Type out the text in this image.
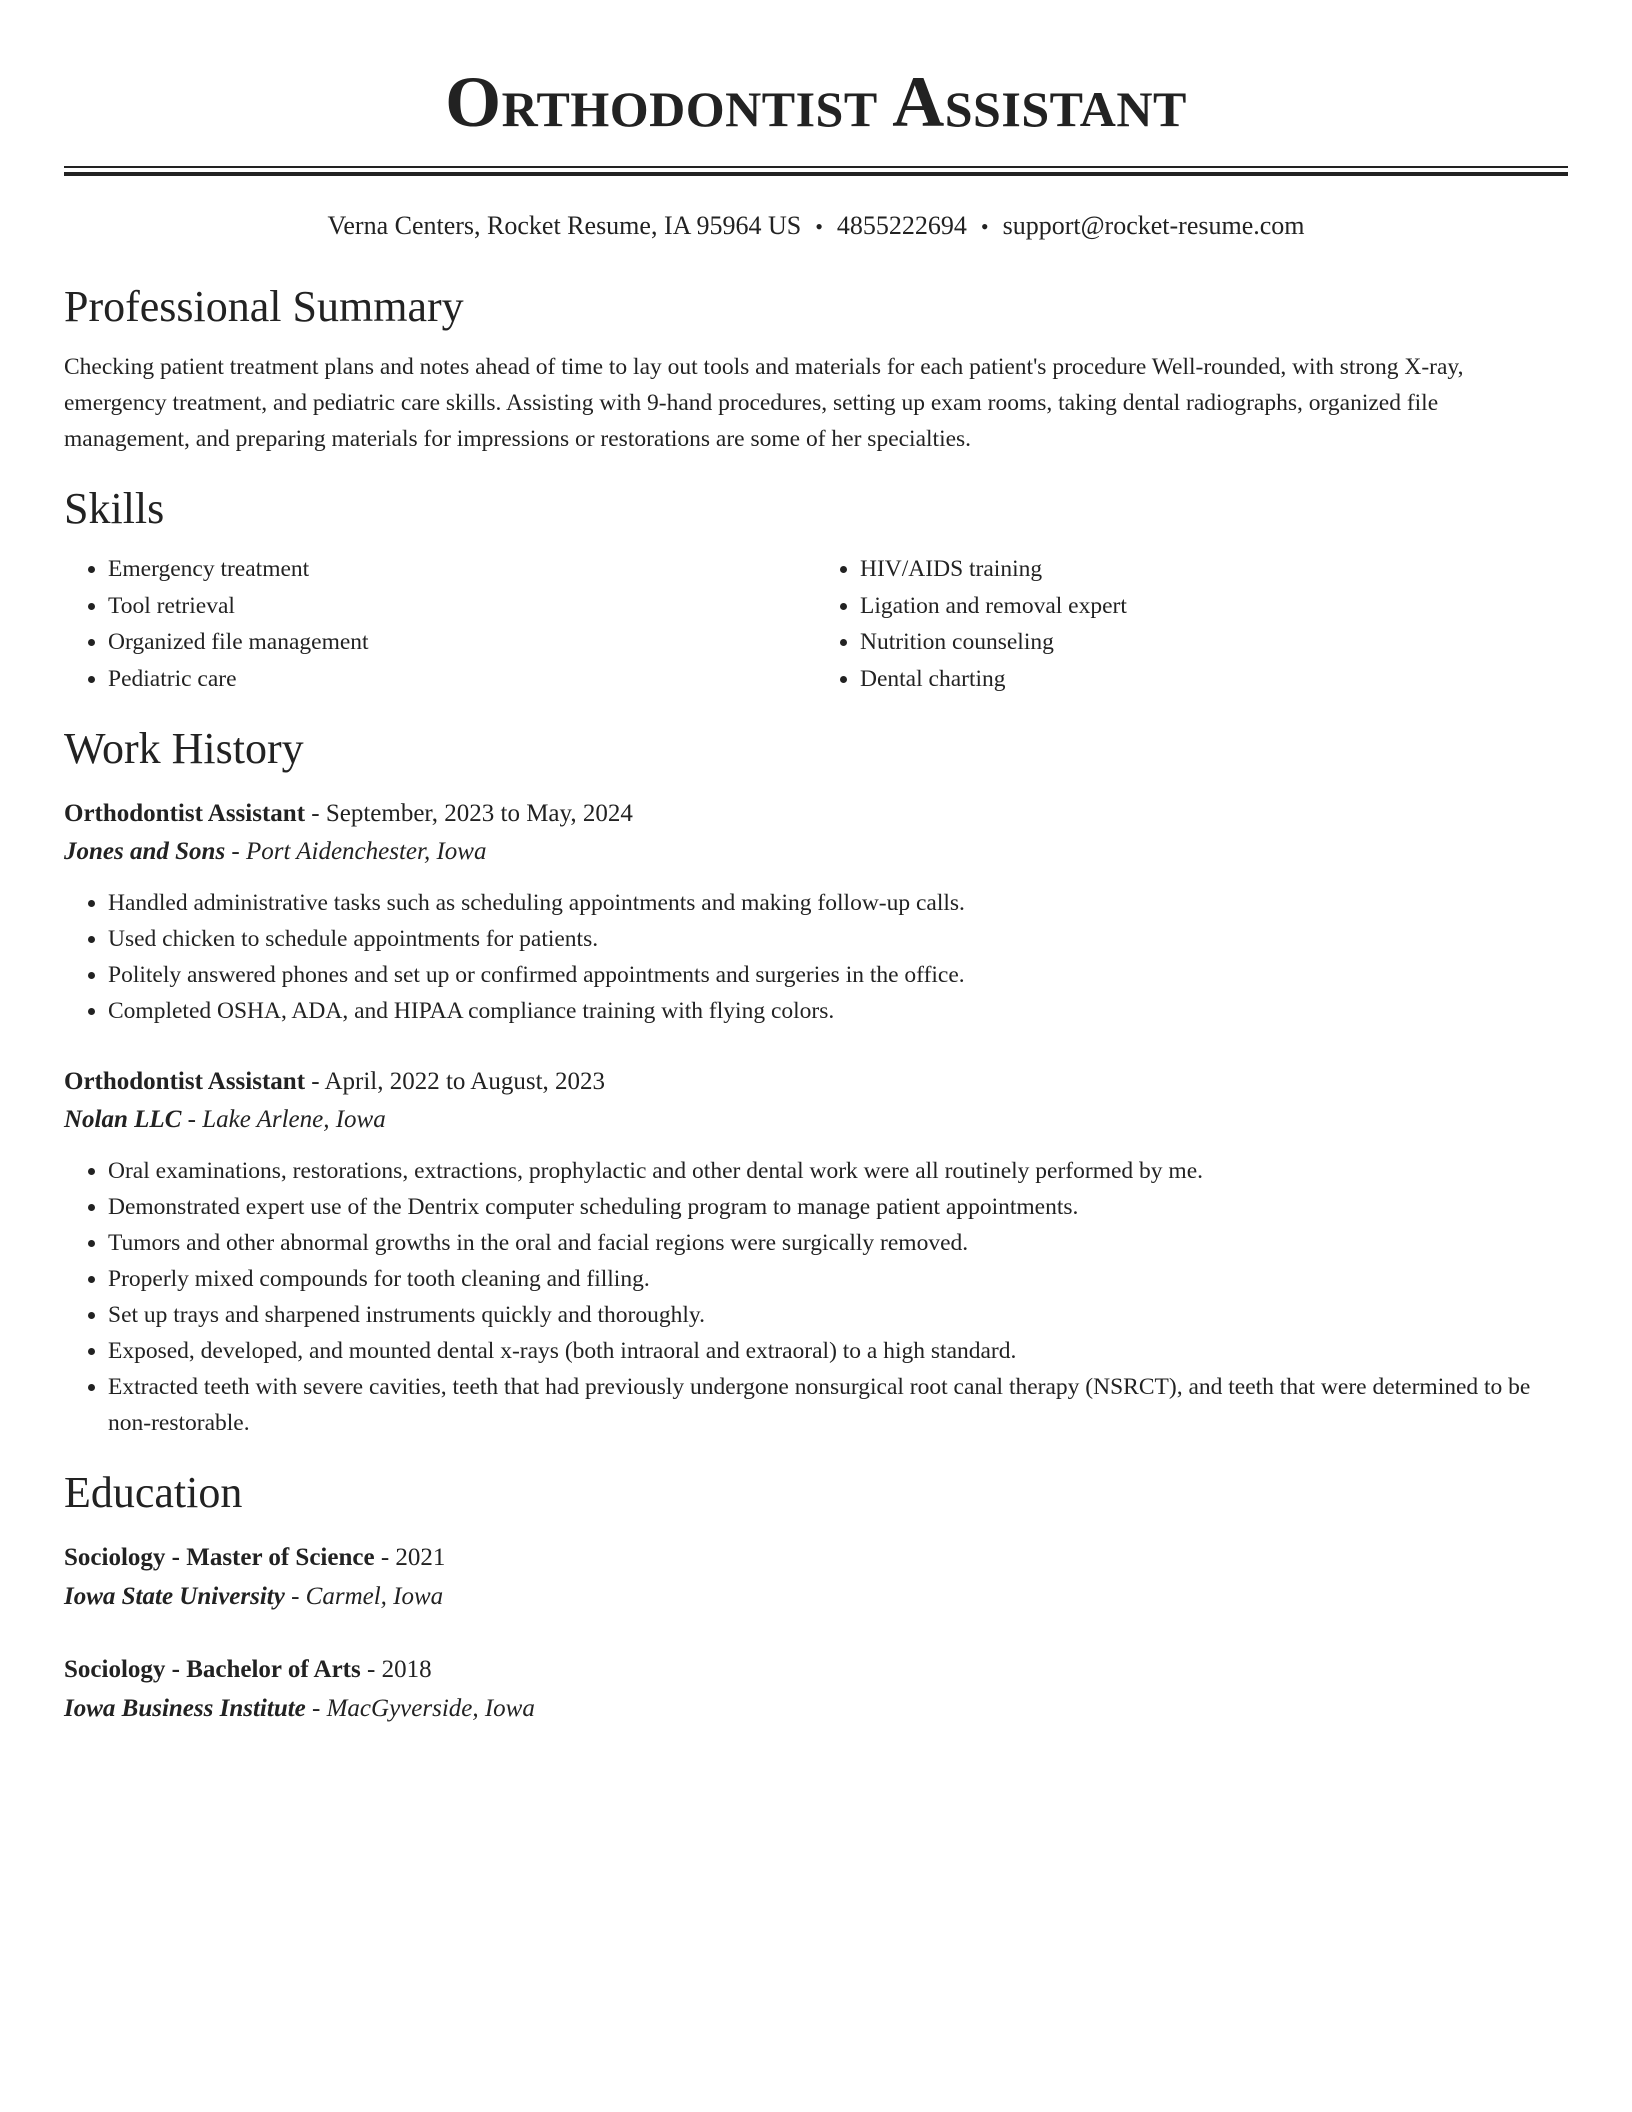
Orthodontist Assistant
Verna Centers, Rocket Resume, IA 95964 US • 4855222694 • support@rocket-resume.com
Professional Summary
Checking patient treatment plans and notes ahead of time to lay out tools and materials for each patient's procedure Well-rounded, with strong X-ray, emergency treatment, and pediatric care skills. Assisting with 9-hand procedures, setting up exam rooms, taking dental radiographs, organized file management, and preparing materials for impressions or restorations are some of her specialties.
Skills
• Emergency treatment
• Tool retrieval
• Organized file management
• Pediatric care
• HIV/AIDS training
• Ligation and removal expert
• Nutrition counseling
• Dental charting
Work History
Orthodontist Assistant - September, 2023 to May, 2024
Jones and Sons - Port Aidenchester, Iowa
• Handled administrative tasks such as scheduling appointments and making follow-up calls.
• Used chicken to schedule appointments for patients.
• Politely answered phones and set up or confirmed appointments and surgeries in the office.
• Completed OSHA, ADA, and HIPAA compliance training with flying colors.
Orthodontist Assistant - April, 2022 to August, 2023
Nolan LLC - Lake Arlene, Iowa
• Oral examinations, restorations, extractions, prophylactic and other dental work were all routinely performed by me.
• Demonstrated expert use of the Dentrix computer scheduling program to manage patient appointments.
• Tumors and other abnormal growths in the oral and facial regions were surgically removed.
• Properly mixed compounds for tooth cleaning and filling.
• Set up trays and sharpened instruments quickly and thoroughly.
• Exposed, developed, and mounted dental x-rays (both intraoral and extraoral) to a high standard.
• Extracted teeth with severe cavities, teeth that had previously undergone nonsurgical root canal therapy (NSRCT), and teeth that were determined to be non-restorable.
Education
Sociology - Master of Science - 2021
Iowa State University - Carmel, Iowa
Sociology - Bachelor of Arts - 2018
Iowa Business Institute - MacGyverside, Iowa
